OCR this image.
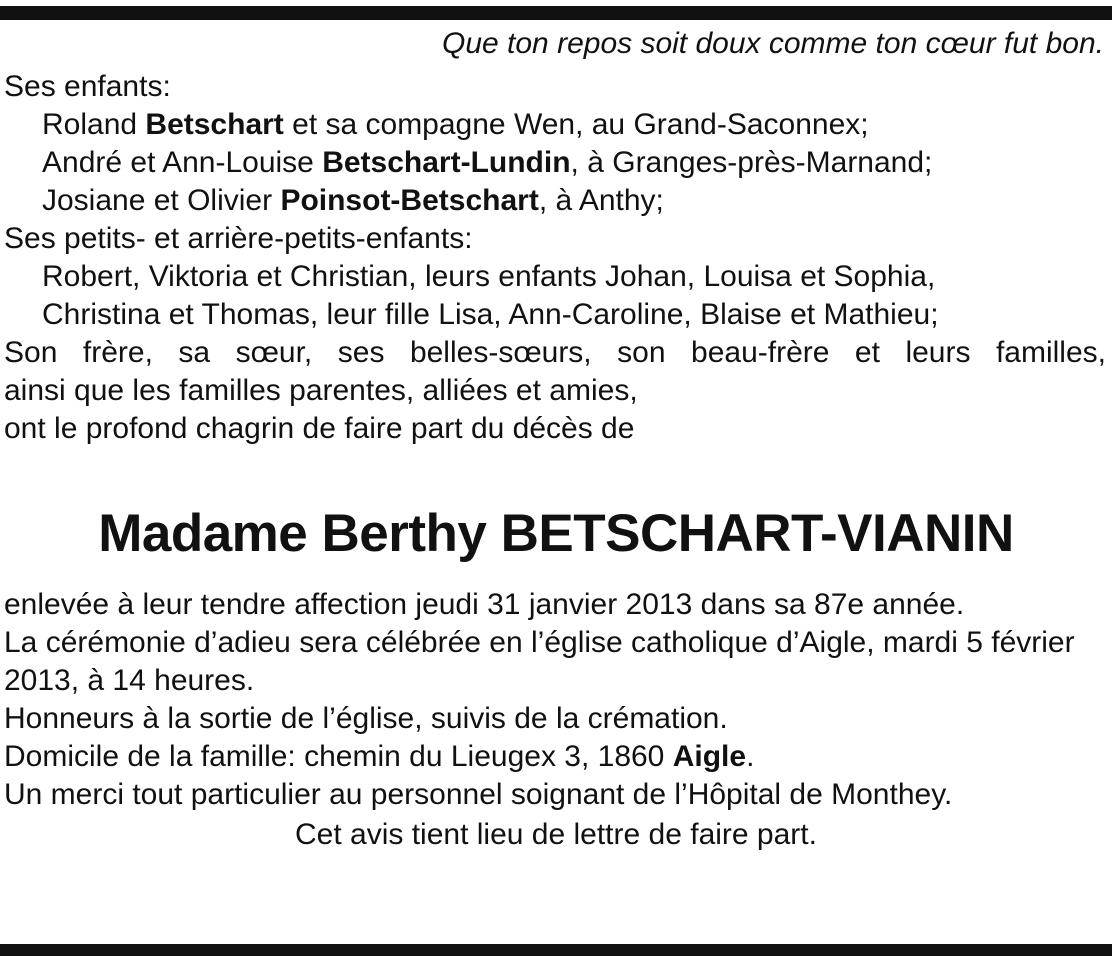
Que ton repos soit doux comme ton cœur fut bon.
Ses enfants:
Roland Betschart et sa compagne Wen, au Grand-Saconnex;
André et Ann-Louise Betschart-Lundin, à Granges-près-Marnand;
Josiane et Olivier Poinsot-Betschart, à Anthy;
Ses petits- et arrière-petits-enfants:
Robert, Viktoria et Christian, leurs enfants Johan, Louisa et Sophia,
Christina et Thomas, leur fille Lisa, Ann-Caroline, Blaise et Mathieu;
Son frère, sa sœur, ses belles-sœurs, son beau-frère et leurs familles,
ainsi que les familles parentes, alliées et amies,
ont le profond chagrin de faire part du décès de
Madame Berthy BETSCHART-VIANIN
enlevée à leur tendre affection jeudi 31 janvier 2013 dans sa 87e année.
La cérémonie d’adieu sera célébrée en l’église catholique d’Aigle, mardi 5 février 2013, à 14 heures.
Honneurs à la sortie de l’église, suivis de la crémation.
Domicile de la famille: chemin du Lieugex 3, 1860 Aigle.
Un merci tout particulier au personnel soignant de l’Hôpital de Monthey.
Cet avis tient lieu de lettre de faire part.
